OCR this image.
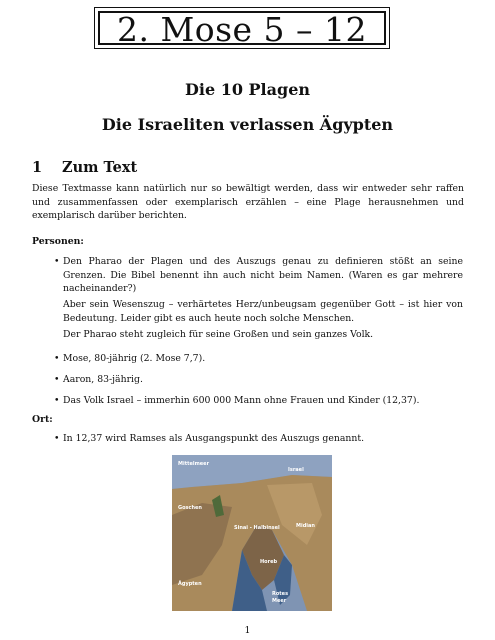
2. Mose 5 – 12
Die 10 Plagen
Die Israeliten verlassen Ägypten
1 Zum Text
Diese Textmasse kann natürlich nur so bewältigt werden, dass wir entweder sehr raffen und zusammenfassen oder exemplarisch erzählen – eine Plage herausnehmen und exemplarisch darüber berichten.
Personen:
• Den Pharao der Plagen und des Auszugs genau zu definieren stößt an seine Grenzen. Die Bibel benennt ihn auch nicht beim Namen. (Waren es gar mehrere nacheinander?)
Aber sein Wesenszug – verhärtetes Herz/unbeugsam gegenüber Gott – ist hier von Bedeutung. Leider gibt es auch heute noch solche Menschen.
Der Pharao steht zugleich für seine Großen und sein ganzes Volk.
• Mose, 80-jährig (2. Mose 7,7).
• Aaron, 83-jährig.
• Das Volk Israel – immerhin 600 000 Mann ohne Frauen und Kinder (12,37).
Ort:
• In 12,37 wird Ramses als Ausgangspunkt des Auszugs genannt.
Mittelmeer
Israel
Goschen
Sinai - Halbinsel	Midian
Horeb
Ägypten
Rotes
Meer
1
